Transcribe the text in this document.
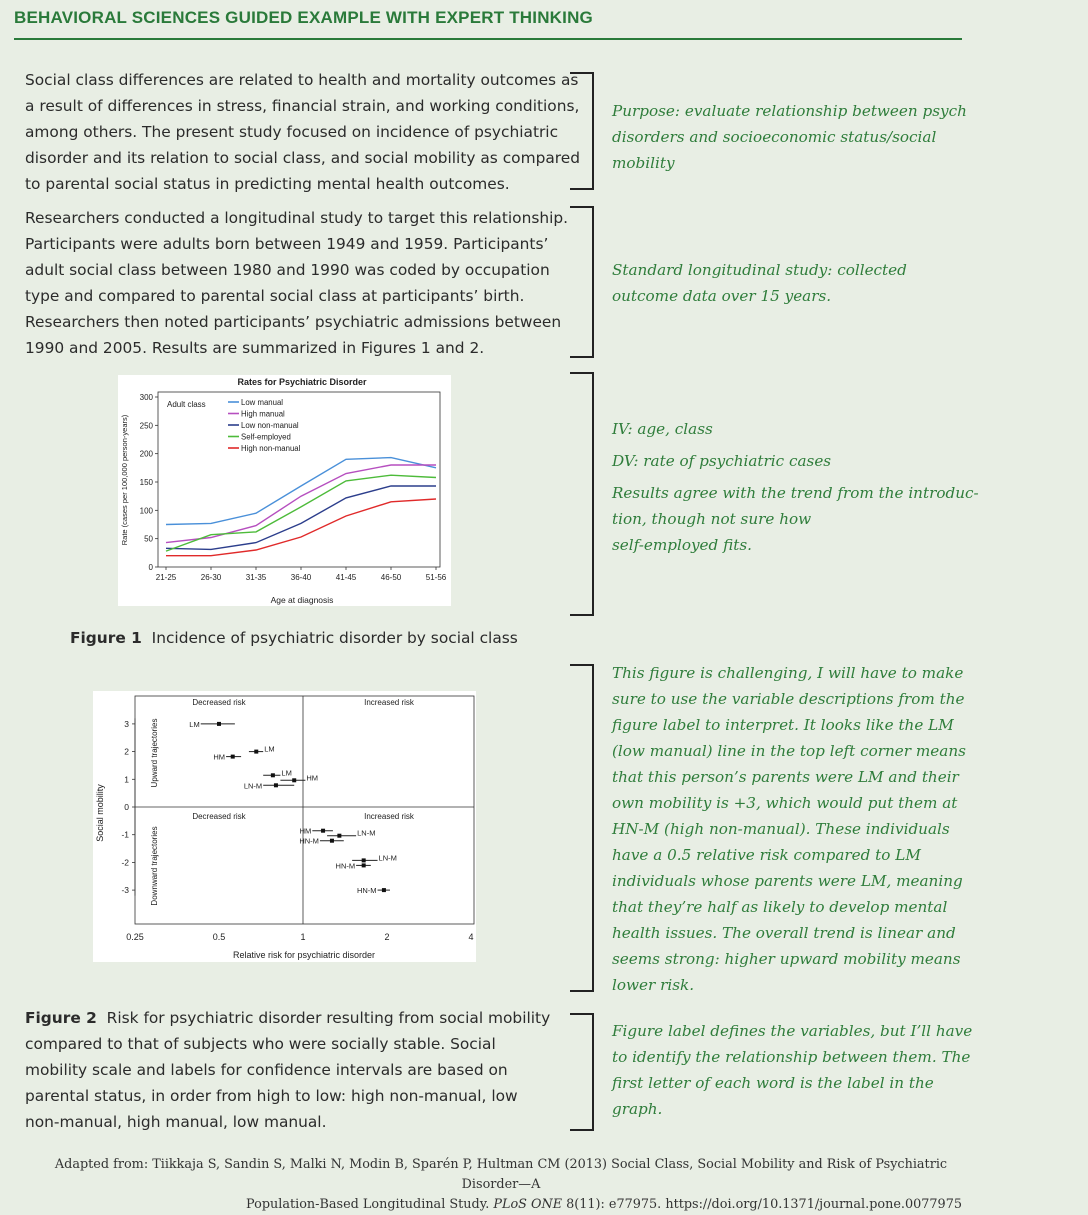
BEHAVIORAL SCIENCES GUIDED EXAMPLE WITH EXPERT THINKING
Social class differences are related to health and mortality outcomes as
a result of differences in stress, financial strain, and working conditions,
among others. The present study focused on incidence of psychiatric
disorder and its relation to social class, and social mobility as compared
to parental social status in predicting mental health outcomes.
Researchers conducted a longitudinal study to target this relationship.
Participants were adults born between 1949 and 1959. Participants’
adult social class between 1980 and 1990 was coded by occupation
type and compared to parental social class at participants’ birth.
Researchers then noted participants’ psychiatric admissions between
1990 and 2005. Results are summarized in Figures 1 and 2.
Purpose: evaluate relationship between psych
disorders and socioeconomic status/social
mobility
Standard longitudinal study: collected
outcome data over 15 years.
IV: age, class
DV: rate of psychiatric cases
Results agree with the trend from the introduc-
tion, though not sure how
self-employed fits.
This figure is challenging, I will have to make
sure to use the variable descriptions from the
figure label to interpret. It looks like the LM
(low manual) line in the top left corner means
that this person’s parents were LM and their
own mobility is +3, which would put them at
HN-M (high non-manual). These individuals
have a 0.5 relative risk compared to LM
individuals whose parents were LM, meaning
that they’re half as likely to develop mental
health issues. The overall trend is linear and
seems strong: higher upward mobility means
lower risk.
Figure label defines the variables, but I’ll have
to identify the relationship between them. The
first letter of each word is the label in the
graph.
Rates for Psychiatric Disorder
Adult class
0
50
100
150
200
250
300
21-25	26-30	31-35	36-40	41-45	46-50	51-56
Low manual
High manual
Low non-manual
Self-employed
High non-manual
Age at diagnosis
Rate (cases per 100,000 person-years)
Figure 1 Incidence of psychiatric disorder by social class
Decreased risk	Increased risk
Decreased risk	Increased risk
Upward trajectories
Downward trajectories
Social mobility
-3
-2
-1
0
1
2
3
0.25	0.5	1	2	4
LM
LM
HM
LM
HM
LN-M
HM	LN-M
HN-M
LN-M
HN-M
HN-M
Relative risk for psychiatric disorder
Figure 2 Risk for psychiatric disorder resulting from social mobility
compared to that of subjects who were socially stable. Social
mobility scale and labels for confidence intervals are based on
parental status, in order from high to low: high non-manual, low
non-manual, high manual, low manual.
Adapted from: Tiikkaja S, Sandin S, Malki N, Modin B, Sparén P, Hultman CM (2013) Social Class, Social Mobility and Risk of Psychiatric Disorder—A
Population-Based Longitudinal Study. PLoS ONE 8(11): e77975. https://doi.org/10.1371/journal.pone.0077975
